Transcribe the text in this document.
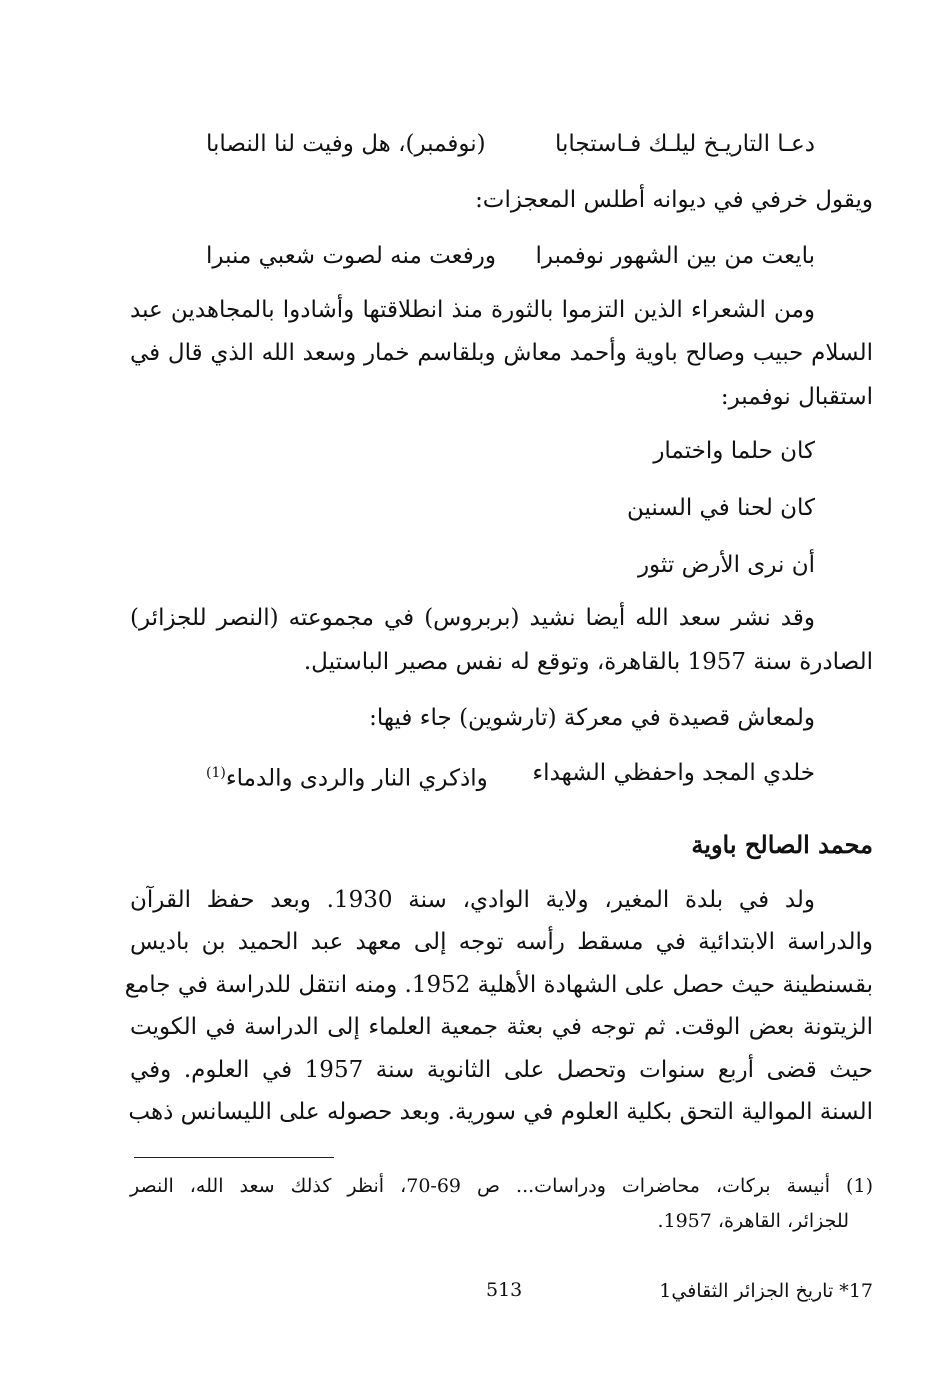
دعـا التاريـخ ليلـك فـاستجابا
(نوفمبر)، هل وفيت لنا النصابا
ويقول خرفي في ديوانه أطلس المعجزات:
بايعت من بين الشهور نوفمبرا
ورفعت منه لصوت شعبي منبرا
ومن الشعراء الذين التزموا بالثورة منذ انطلاقتها وأشادوا بالمجاهدين عبد
السلام حبيب وصالح باوية وأحمد معاش وبلقاسم خمار وسعد الله الذي قال في
استقبال نوفمبر:
كان حلما واختمار
كان لحنا في السنين
أن نرى الأرض تثور
وقد نشر سعد الله أيضا نشيد (بربروس) في مجموعته (النصر للجزائر)
الصادرة سنة 1957 بالقاهرة، وتوقع له نفس مصير الباستيل.
ولمعاش قصيدة في معركة (تارشوين) جاء فيها:
خلدي المجد واحفظي الشهداء
واذكري النار والردى والدماء$^{(1)}$
محمد الصالح باوية
ولد في بلدة المغير، ولاية الوادي، سنة 1930. وبعد حفظ القرآن
والدراسة الابتدائية في مسقط رأسه توجه إلى معهد عبد الحميد بن باديس
بقسنطينة حيث حصل على الشهادة الأهلية 1952. ومنه انتقل للدراسة في جامع
الزيتونة بعض الوقت. ثم توجه في بعثة جمعية العلماء إلى الدراسة في الكويت
حيث قضى أربع سنوات وتحصل على الثانوية سنة 1957 في العلوم. وفي
السنة الموالية التحق بكلية العلوم في سورية. وبعد حصوله على الليسانس ذهب
(1) أنيسة بركات، محاضرات ودراسات... ص 69-70، أنظر كذلك سعد الله، النصر
للجزائر، القاهرة، 1957.
513	17* تاريخ الجزائر الثقافي1
